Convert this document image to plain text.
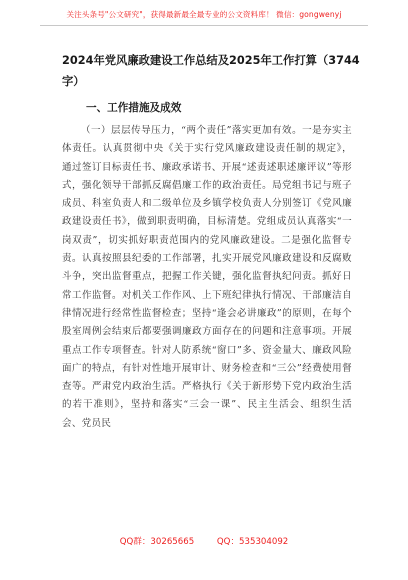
关注头条号"公文研究"，获得最新最全最专业的公文资料库！ 微信：gongwenyj
2024年党风廉政建设工作总结及2025年工作打算（3744字）
一、工作措施及成效

（一）层层传导压力，“两个责任”落实更加有效。一是夯实主体责任。认真贯彻中央《关于实行党风廉政建设责任制的规定》，通过签订目标责任书、廉政承诺书、开展“述责述职述廉评议”等形式，强化领导干部抓反腐倡廉工作的政治责任。局党组书记与班子成员、科室负责人和二级单位及乡镇学校负责人分别签订《党风廉政建设责任书》，做到职责明确，目标清楚。党组成员认真落实“一岗双责”，切实抓好职责范围内的党风廉政建设。二是强化监督专责。认真按照县纪委的工作部署，扎实开展党风廉政建设和反腐败斗争，突出监督重点，把握工作关键，强化监督执纪问责。抓好日常工作监督。对机关工作作风、上下班纪律执行情况、干部廉洁自律情况进行经常性监督检查；坚持“逢会必讲廉政”的原则，在每个股室周例会结束后都要强调廉政方面存在的问题和注意事项。开展重点工作专项督查。针对人防系统“窗口”多、资金量大、廉政风险面广的特点，有针对性地开展审计、财务检查和“三公”经费使用督查等。严肃党内政治生活。严格执行《关于新形势下党内政治生活的若干准则》，坚持和落实“三会一课”、民主生活会、组织生活会、党员民

QQ群：30265665	QQ：535304092
